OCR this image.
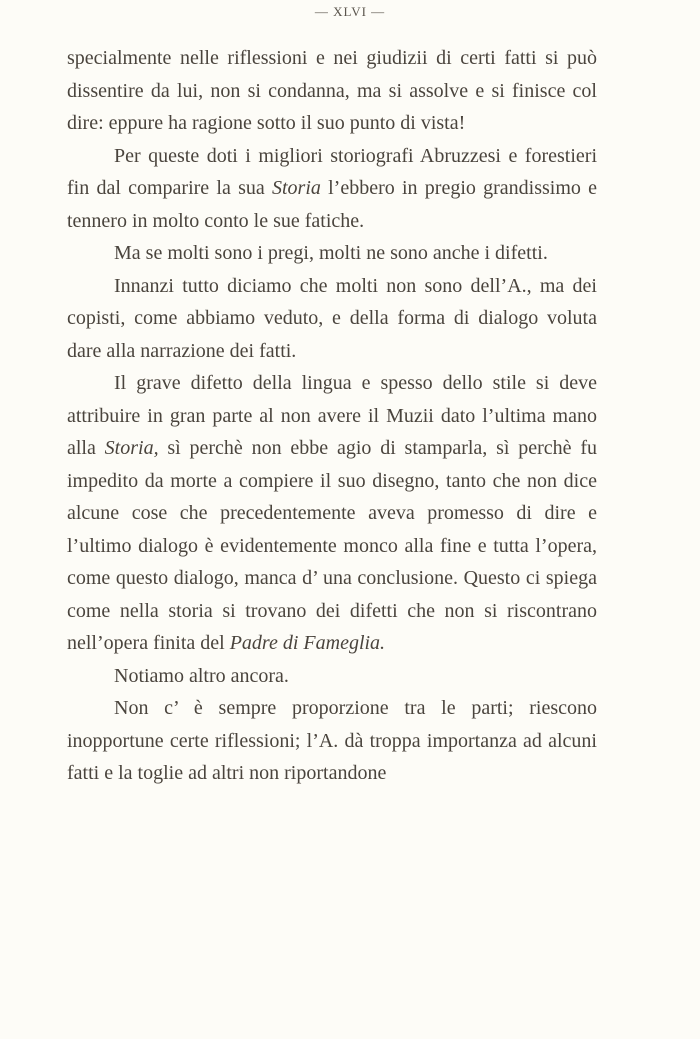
— XLVI —

specialmente nelle riflessioni e nei giudizii di certi fatti si può dissentire da lui, non si condanna, ma si assolve e si finisce col dire: eppure ha ragione sotto il suo punto di vista!

Per queste doti i migliori storiografi Abruzzesi e forestieri fin dal comparire la sua Storia l’ebbero in pregio grandissimo e tennero in molto conto le sue fatiche.

Ma se molti sono i pregi, molti ne sono anche i difetti.

Innanzi tutto diciamo che molti non sono dell’A., ma dei copisti, come abbiamo veduto, e della forma di dialogo voluta dare alla narrazione dei fatti.

Il grave difetto della lingua e spesso dello stile si deve attribuire in gran parte al non avere il Muzii dato l’ultima mano alla Storia, sì perchè non ebbe agio di stamparla, sì perchè fu impedito da morte a compiere il suo disegno, tanto che non dice alcune cose che precedentemente aveva promesso di dire e l’ultimo dialogo è evidentemente monco alla fine e tutta l’opera, come questo dialogo, manca d’ una conclusione. Questo ci spiega come nella storia si trovano dei difetti che non si riscontrano nell’opera finita del Padre di Fameglia.

Notiamo altro ancora.

Non c’ è sempre proporzione tra le parti; riescono inopportune certe riflessioni; l’A. dà troppa importanza ad alcuni fatti e la toglie ad altri non riportandone
